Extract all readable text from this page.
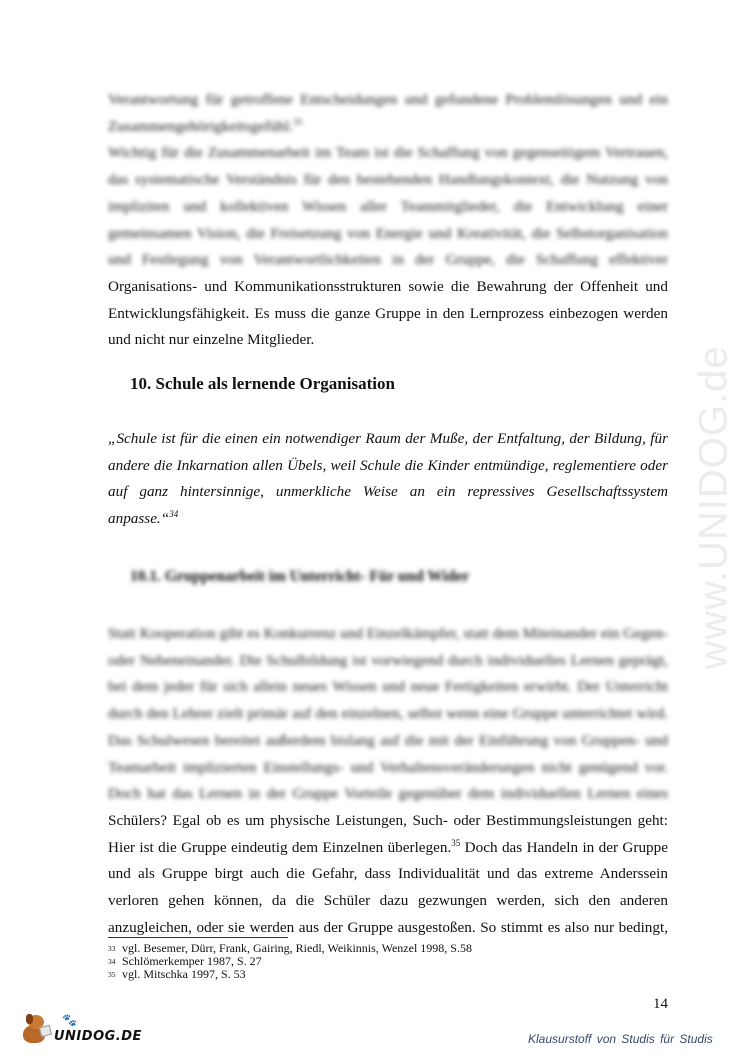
www.UNIDOG.de
Verantwortung für getroffene Entscheidungen und gefundene Problemlösungen und ein
Zusammengehörigkeitsgefühl.$^{33}$
Wichtig für die Zusammenarbeit im Team ist die Schaffung von gegenseitigem Vertrauen,
das systematische Verständnis für den bestehenden Handlungskontext, die Nutzung von
impliziten und kollektiven Wissen aller Teammitglieder, die Entwicklung einer
gemeinsamen Vision, die Freisetzung von Energie und Kreativität, die Selbstorganisation
und Festlegung von Verantwortlichkeiten in der Gruppe, die Schaffung effektiver
Organisations- und Kommunikationsstrukturen sowie die Bewahrung der Offenheit und
Entwicklungsfähigkeit. Es muss die ganze Gruppe in den Lernprozess einbezogen werden
und nicht nur einzelne Mitglieder.
10. Schule als lernende Organisation
„Schule ist für die einen ein notwendiger Raum der Muße, der Entfaltung, der Bildung, für
andere die Inkarnation allen Übels, weil Schule die Kinder entmündige, reglementiere oder
auf ganz hintersinnige, unmerkliche Weise an ein repressives Gesellschaftssystem
anpasse.“$^{34}$
10.1. Gruppenarbeit im Unterricht- Für und Wider
Statt Kooperation gibt es Konkurrenz und Einzelkämpfer, statt dem Miteinander ein Gegen-
oder Nebeneinander. Die Schulbildung ist vorwiegend durch individuelles Lernen geprägt,
bei dem jeder für sich allein neues Wissen und neue Fertigkeiten erwirbt. Der Unterricht
durch den Lehrer zielt primär auf den einzelnen, selbst wenn eine Gruppe unterrichtet wird.
Das Schulwesen bereitet außerdem bislang auf die mit der Einführung von Gruppen- und
Teamarbeit implizierten Einstellungs- und Verhaltensveränderungen nicht genügend vor.
Doch hat das Lernen in der Gruppe Vorteile gegenüber dem individuellen Lernen eines
Schülers? Egal ob es um physische Leistungen, Such- oder Bestimmungsleistungen geht:
Hier ist die Gruppe eindeutig dem Einzelnen überlegen.$^{35}$ Doch das Handeln in der Gruppe
und als Gruppe birgt auch die Gefahr, dass Individualität und das extreme Anderssein
verloren gehen können, da die Schüler dazu gezwungen werden, sich den anderen
anzugleichen, oder sie werden aus der Gruppe ausgestoßen. So stimmt es also nur bedingt,
33 vgl. Besemer, Dürr, Frank, Gairing, Riedl, Weikinnis, Wenzel 1998, S.58
34 Schlömerkemper 1987, S. 27
35 vgl. Mitschka 1997, S. 53
14
🐾
UNIDOG.DE	Klausurstoff von Studis für Studis
